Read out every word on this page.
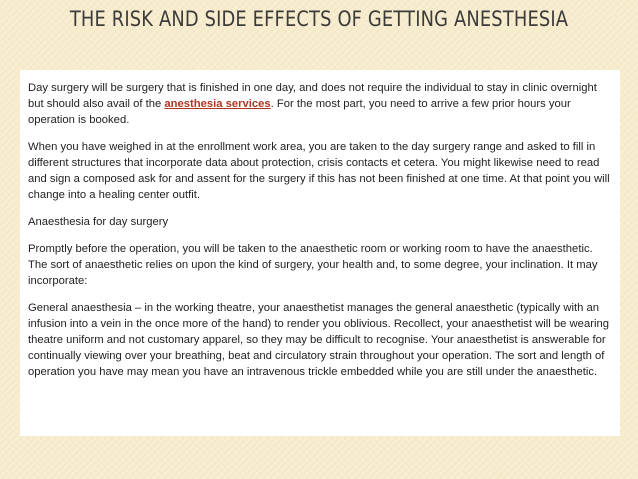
THE RISK AND SIDE EFFECTS OF GETTING ANESTHESIA

Day surgery will be surgery that is finished in one day, and does not require the individual to stay in clinic overnight but should also avail of the anesthesia services. For the most part, you need to arrive a few prior hours your operation is booked.

When you have weighed in at the enrollment work area, you are taken to the day surgery range and asked to fill in different structures that incorporate data about protection, crisis contacts et cetera. You might likewise need to read and sign a composed ask for and assent for the surgery if this has not been finished at one time. At that point you will change into a healing center outfit.

Anaesthesia for day surgery

Promptly before the operation, you will be taken to the anaesthetic room or working room to have the anaesthetic. The sort of anaesthetic relies on upon the kind of surgery, your health and, to some degree, your inclination. It may incorporate:

General anaesthesia – in the working theatre, your anaesthetist manages the general anaesthetic (typically with an infusion into a vein in the once more of the hand) to render you oblivious. Recollect, your anaesthetist will be wearing theatre uniform and not customary apparel, so they may be difficult to recognise. Your anaesthetist is answerable for continually viewing over your breathing, beat and circulatory strain throughout your operation. The sort and length of operation you have may mean you have an intravenous trickle embedded while you are still under the anaesthetic.
